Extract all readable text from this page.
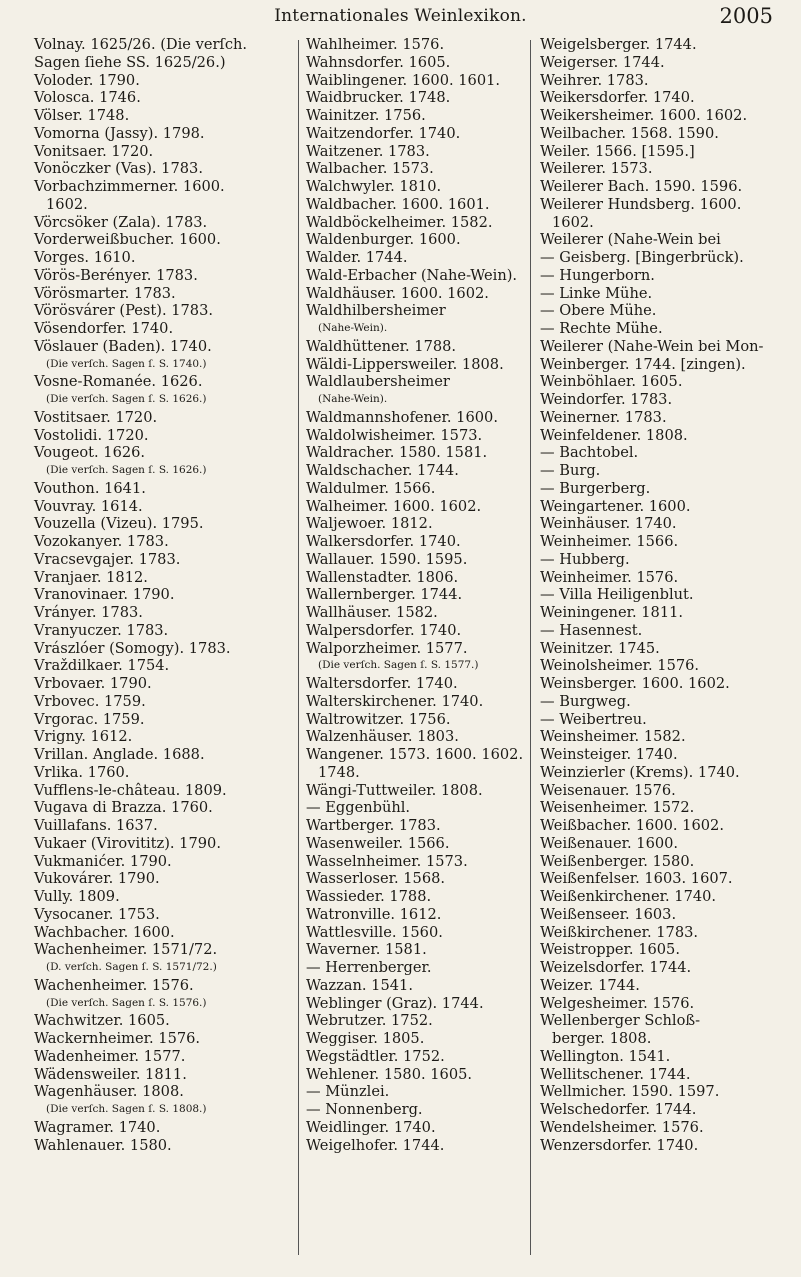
Internationales Weinlexikon.	2005
Volnay. 1625/26. (Die verſch.
Sagen ſiehe SS. 1625/26.)
Voloder. 1790.
Volosca. 1746.
Völser. 1748.
Vomorna (Jassy). 1798.
Vonitsaer. 1720.
Vonöczker (Vas). 1783.
Vorbachzimmerner. 1600.
1602.
Vörcsöker (Zala). 1783.
Vorderweißbucher. 1600.
Vorges. 1610.
Vörös-Berényer. 1783.
Vörösmarter. 1783.
Vörösvárer (Pest). 1783.
Vösendorfer. 1740.
Vöslauer (Baden). 1740.
(Die verſch. Sagen ſ. S. 1740.)
Vosne-Romanée. 1626.
(Die verſch. Sagen ſ. S. 1626.)
Vostitsaer. 1720.
Vostolidi. 1720.
Vougeot. 1626.
(Die verſch. Sagen ſ. S. 1626.)
Vouthon. 1641.
Vouvray. 1614.
Vouzella (Vizeu). 1795.
Vozokanyer. 1783.
Vracsevgajer. 1783.
Vranjaer. 1812.
Vranovinaer. 1790.
Vrányer. 1783.
Vranyuczer. 1783.
Vrászlóer (Somogy). 1783.
Vraždilkaer. 1754.
Vrbovaer. 1790.
Vrbovec. 1759.
Vrgorac. 1759.
Vrigny. 1612.
Vrillan. Anglade. 1688.
Vrlika. 1760.
Vufflens-le-château. 1809.
Vugava di Brazza. 1760.
Vuillafans. 1637.
Vukaer (Virovititz). 1790.
Vukmanićer. 1790.
Vukovárer. 1790.
Vully. 1809.
Vysocaner. 1753.
Wachbacher. 1600.
Wachenheimer. 1571/72.
(D. verſch. Sagen ſ. S. 1571/72.)
Wachenheimer. 1576.
(Die verſch. Sagen ſ. S. 1576.)
Wachwitzer. 1605.
Wackernheimer. 1576.
Wadenheimer. 1577.
Wädensweiler. 1811.
Wagenhäuser. 1808.
(Die verſch. Sagen ſ. S. 1808.)
Wagramer. 1740.
Wahlenauer. 1580.
Wahlheimer. 1576.
Wahnsdorfer. 1605.
Waiblingener. 1600. 1601.
Waidbrucker. 1748.
Wainitzer. 1756.
Waitzendorfer. 1740.
Waitzener. 1783.
Walbacher. 1573.
Walchwyler. 1810.
Waldbacher. 1600. 1601.
Waldböckelheimer. 1582.
Waldenburger. 1600.
Walder. 1744.
Wald-Erbacher (Nahe-Wein).
Waldhäuser. 1600. 1602.
Waldhilbersheimer
(Nahe-Wein).
Waldhüttener. 1788.
Wäldi-Lippersweiler. 1808.
Waldlaubersheimer
(Nahe-Wein).
Waldmannshofener. 1600.
Waldolwisheimer. 1573.
Waldracher. 1580. 1581.
Waldschacher. 1744.
Waldulmer. 1566.
Walheimer. 1600. 1602.
Waljewoer. 1812.
Walkersdorfer. 1740.
Wallauer. 1590. 1595.
Wallenstadter. 1806.
Wallernberger. 1744.
Wallhäuser. 1582.
Walpersdorfer. 1740.
Walporzheimer. 1577.
(Die verſch. Sagen ſ. S. 1577.)
Waltersdorfer. 1740.
Walterskirchener. 1740.
Waltrowitzer. 1756.
Walzenhäuser. 1803.
Wangener. 1573. 1600. 1602.
1748.
Wängi-Tuttweiler. 1808.
— Eggenbühl.
Wartberger. 1783.
Wasenweiler. 1566.
Wasselnheimer. 1573.
Wasserloser. 1568.
Wassieder. 1788.
Watronville. 1612.
Wattlesville. 1560.
Waverner. 1581.
— Herrenberger.
Wazzan. 1541.
Weblinger (Graz). 1744.
Webrutzer. 1752.
Weggiser. 1805.
Wegstädtler. 1752.
Wehlener. 1580. 1605.
— Münzlei.
— Nonnenberg.
Weidlinger. 1740.
Weigelhofer. 1744.
Weigelsberger. 1744.
Weigerser. 1744.
Weihrer. 1783.
Weikersdorfer. 1740.
Weikersheimer. 1600. 1602.
Weilbacher. 1568. 1590.
Weiler. 1566. [1595.]
Weilerer. 1573.
Weilerer Bach. 1590. 1596.
Weilerer Hundsberg. 1600.
1602.
Weilerer (Nahe-Wein bei
— Geisberg. [Bingerbrück).
— Hungerborn.
— Linke Mühe.
— Obere Mühe.
— Rechte Mühe.
Weilerer (Nahe-Wein bei Mon-
Weinberger. 1744. [zingen).
Weinböhlaer. 1605.
Weindorfer. 1783.
Weinerner. 1783.
Weinfeldener. 1808.
— Bachtobel.
— Burg.
— Burgerberg.
Weingartener. 1600.
Weinhäuser. 1740.
Weinheimer. 1566.
— Hubberg.
Weinheimer. 1576.
— Villa Heiligenblut.
Weiningener. 1811.
— Hasennest.
Weinitzer. 1745.
Weinolsheimer. 1576.
Weinsberger. 1600. 1602.
— Burgweg.
— Weibertreu.
Weinsheimer. 1582.
Weinsteiger. 1740.
Weinzierler (Krems). 1740.
Weisenauer. 1576.
Weisenheimer. 1572.
Weißbacher. 1600. 1602.
Weißenauer. 1600.
Weißenberger. 1580.
Weißenfelser. 1603. 1607.
Weißenkirchener. 1740.
Weißenseer. 1603.
Weißkirchener. 1783.
Weistropper. 1605.
Weizelsdorfer. 1744.
Weizer. 1744.
Welgesheimer. 1576.
Wellenberger Schloß-
berger. 1808.
Wellington. 1541.
Wellitschener. 1744.
Wellmicher. 1590. 1597.
Welschedorfer. 1744.
Wendelsheimer. 1576.
Wenzersdorfer. 1740.
